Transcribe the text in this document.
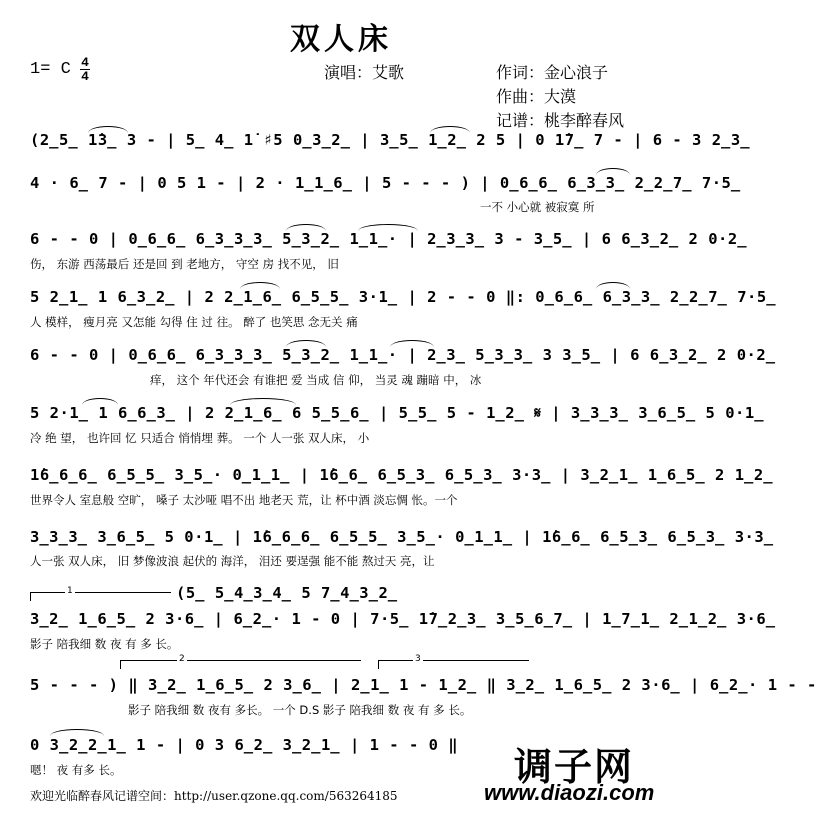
双人床
1= C 4
4	演唱：艾歌	作词：金心浪子
作曲：大漠
记谱：桃李醉春风
(2̲5̲ 1̇3̲ 3 - | 5̲ 4̲ 1̇ ♯5 0̲3̲2̲ | 3̲5̲ 1̲2̲ 2 5 | 0 1̇7̲ 7 - | 6 - 3 2̲3̲
4 · 6̲ 7 - | 0 5 1 - | 2 · 1̲1̲6̲ | 5 - - - ) | 0̲6̲6̲ 6̲3̲3̲ 2̲2̲7̲ 7·5̲
一不 小心就 被寂寞 所
6 - - 0 | 0̲6̲6̲ 6̲3̲3̲3̲ 5̲3̲2̲ 1̲1̲· | 2̲3̲3̲ 3 - 3̲5̲ | 6 6̲3̲2̲ 2 0·2̲
伤， 东游 西荡最后 还是回 到 老地方， 守空 房 找不见， 旧
5 2̲1̲ 1 6̲3̲2̲ | 2 2̲1̲6̲ 6̲5̲5̲ 3·1̲ | 2 - - 0 ‖: 0̲6̲6̲ 6̲3̲3̲ 2̲2̲7̲ 7·5̲
人 模样， 瘦月亮 又怎能 勾得 住 过 往。 醉了 也笑思 念无关 痛
6 - - 0 | 0̲6̲6̲ 6̲3̲3̲3̲ 5̲3̲2̲ 1̲1̲· | 2̲3̲ 5̲3̲3̲ 3 3̲5̲ | 6 6̲3̲2̲ 2 0·2̲
痒， 这个 年代还会 有谁把 爱 当成 信 仰， 当灵 魂 蹦暗 中， 冰
5 2·1̲ 1 6̲6̲3̲ | 2 2̲1̲6̲ 6 5̲5̲6̲ | 5̲5̲ 5 - 1̲2̲ 𝄋 | 3̲3̲3̲ 3̲6̲5̲ 5 0·1̲
冷 绝 望， 也许回 忆 只适合 悄悄埋 葬。 一个 人一张 双人床， 小
1̇6̲6̲6̲ 6̲5̲5̲ 3̲5̲· 0̲1̲1̲ | 1̇6̲6̲ 6̲5̲3̲ 6̲5̲3̲ 3·3̲ | 3̲2̲1̲ 1̲6̲5̲ 2 1̲2̲
世界令人 室息般 空旷， 嗓子 太沙哑 唱不出 地老天 荒，让 杯中酒 淡忘惆 怅。一个
3̲3̲3̲ 3̲6̲5̲ 5 0·1̲ | 1̇6̲6̲6̲ 6̲5̲5̲ 3̲5̲· 0̲1̲1̲ | 1̇6̲6̲ 6̲5̲3̲ 6̲5̲3̲ 3·3̲
人一张 双人床， 旧 梦像波浪 起伏的 海洋， 泪还 要逞强 能不能 熬过天 亮，让
1	(5̲ 5̲4̲3̲4̲ 5 7̲4̲3̲2̲
3̲2̲ 1̲6̲5̲ 2 3·6̲ | 6̲2̲· 1 - 0 | 7·5̲ 1̇7̲2̲3̲ 3̲5̲6̲7̲ | 1̲7̲1̲ 2̲1̲2̲ 3·6̲
影子 陪我细 数 夜 有 多 长。
2	3
5 - - - ) ‖ 3̲2̲ 1̲6̲5̲ 2 3̲6̲ | 2̲1̲ 1 - 1̲2̲ ‖ 3̲2̲ 1̲6̲5̲ 2 3·6̲ | 6̲2̲· 1 - -
影子 陪我细 数 夜有 多长。 一个 D.S 影子 陪我细 数 夜 有 多 长。
0 3̲2̲2̲1̲ 1 - | 0 3 6̲2̲ 3̲2̲1̲ | 1 - - 0 ‖
嗯！ 夜 有多 长。
欢迎光临醉春风记谱空间：http://user.qzone.qq.com/563264185
调子网
www.diaozi.com
